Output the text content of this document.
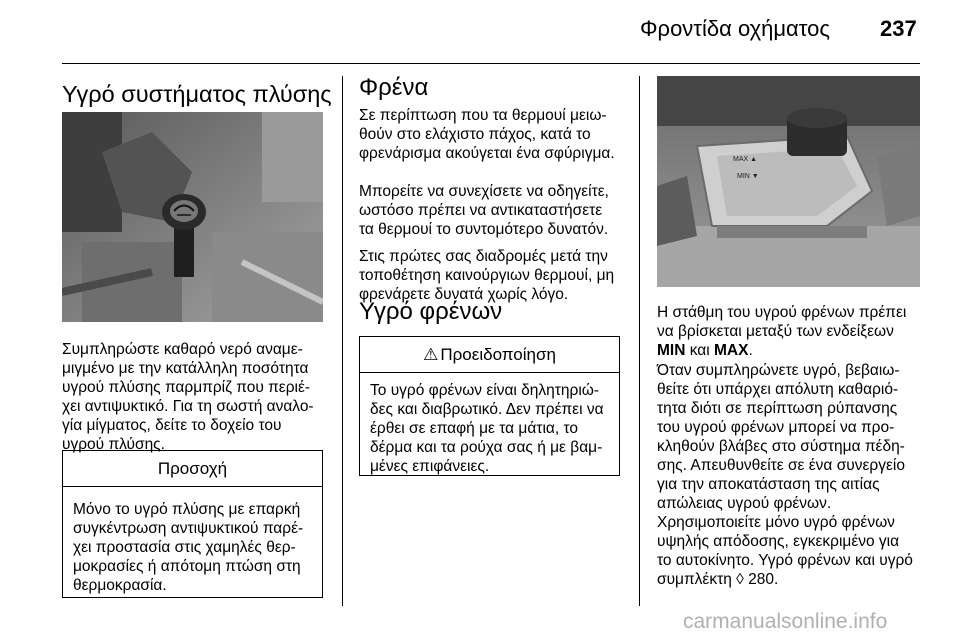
Φροντίδα οχήματος 237
Υγρό συστήματος πλύσης
Συμπληρώστε καθαρό νερό αναμε-
μιγμένο με την κατάλληλη ποσότητα
υγρού πλύσης παρμπρίζ που περιέ-
χει αντιψυκτικό. Για τη σωστή αναλο-
γία μίγματος, δείτε το δοχείο του
υγρού πλύσης.
Προσοχή
Μόνο το υγρό πλύσης με επαρκή
συγκέντρωση αντιψυκτικού παρέ-
χει προστασία στις χαμηλές θερ-
μοκρασίες ή απότομη πτώση στη
θερμοκρασία.
Φρένα
Σε περίπτωση που τα θερμουί μειω-
θούν στο ελάχιστο πάχος, κατά το
φρενάρισμα ακούγεται ένα σφύριγμα.
Μπορείτε να συνεχίσετε να οδηγείτε,
ωστόσο πρέπει να αντικαταστήσετε
τα θερμουί το συντομότερο δυνατόν.
Στις πρώτες σας διαδρομές μετά την
τοποθέτηση καινούργιων θερμουί, μη
φρενάρετε δυνατά χωρίς λόγο.
Υγρό φρένων
⚠ Προειδοποίηση
Το υγρό φρένων είναι δηλητηριώ-
δες και διαβρωτικό. Δεν πρέπει να
έρθει σε επαφή με τα μάτια, το
δέρμα και τα ρούχα σας ή με βαμ-
μένες επιφάνειες.
MAX ▲
MIN ▼
Η στάθμη του υγρού φρένων πρέπει
να βρίσκεται μεταξύ των ενδείξεων
MIN και MAX.
Όταν συμπληρώνετε υγρό, βεβαιω-
θείτε ότι υπάρχει απόλυτη καθαριό-
τητα διότι σε περίπτωση ρύπανσης
του υγρού φρένων μπορεί να προ-
κληθούν βλάβες στο σύστημα πέδη-
σης. Απευθυνθείτε σε ένα συνεργείο
για την αποκατάσταση της αιτίας
απώλειας υγρού φρένων.
Χρησιμοποιείτε μόνο υγρό φρένων
υψηλής απόδοσης, εγκεκριμένο για
το αυτοκίνητο. Υγρό φρένων και υγρό
συμπλέκτη ◊ 280.
carmanualsonline.info
